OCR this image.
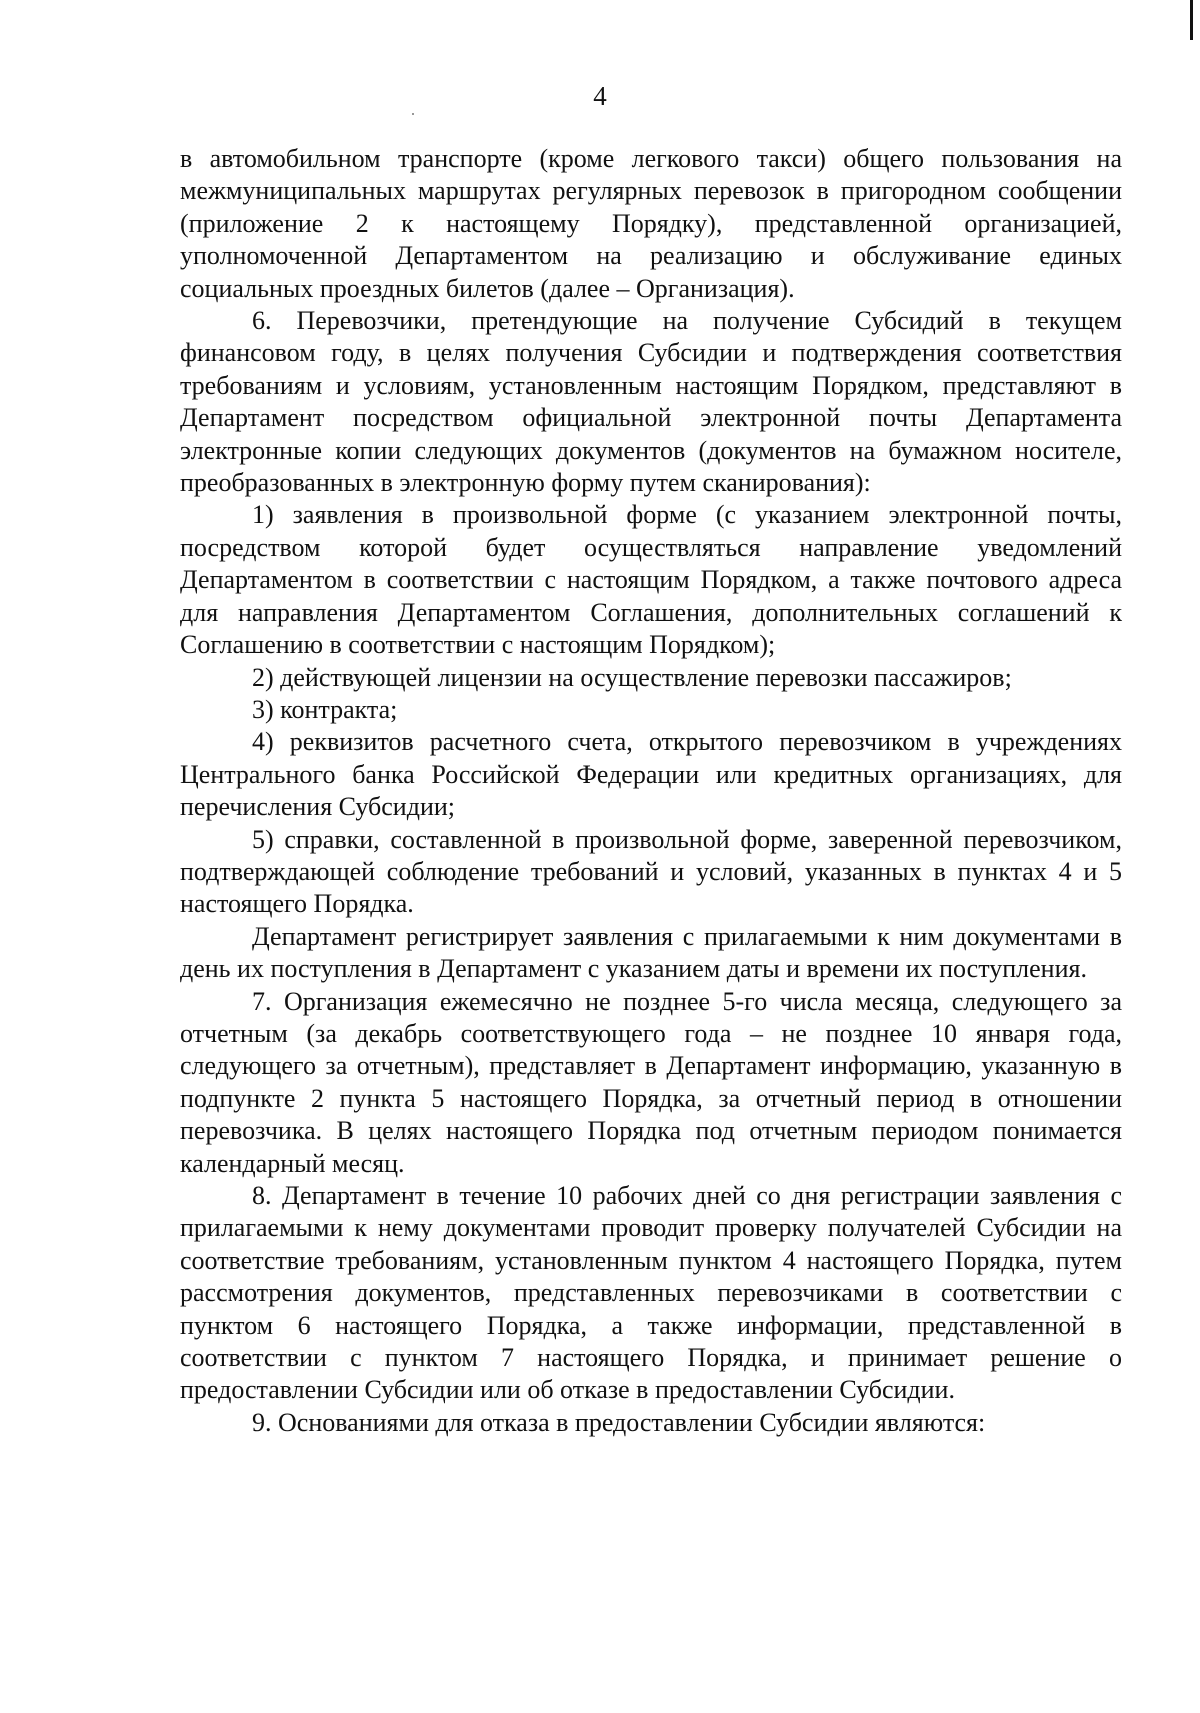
4

в автомобильном транспорте (кроме легкового такси) общего пользования на межмуниципальных маршрутах регулярных перевозок в пригородном сообщении (приложение 2 к настоящему Порядку), представленной организацией, уполномоченной Департаментом на реализацию и обслуживание единых социальных проездных билетов (далее – Организация).

6. Перевозчики, претендующие на получение Субсидий в текущем финансовом году, в целях получения Субсидии и подтверждения соответствия требованиям и условиям, установленным настоящим Порядком, представляют в Департамент посредством официальной электронной почты Департамента электронные копии следующих документов (документов на бумажном носителе, преобразованных в электронную форму путем сканирования):

1) заявления в произвольной форме (с указанием электронной почты, посредством которой будет осуществляться направление уведомлений Департаментом в соответствии с настоящим Порядком, а также почтового адреса для направления Департаментом Соглашения, дополнительных соглашений к Соглашению в соответствии с настоящим Порядком);

2) действующей лицензии на осуществление перевозки пассажиров;

3) контракта;

4) реквизитов расчетного счета, открытого перевозчиком в учреждениях Центрального банка Российской Федерации или кредитных организациях, для перечисления Субсидии;

5) справки, составленной в произвольной форме, заверенной перевозчиком, подтверждающей соблюдение требований и условий, указанных в пунктах 4 и 5 настоящего Порядка.

Департамент регистрирует заявления с прилагаемыми к ним документами в день их поступления в Департамент с указанием даты и времени их поступления.

7. Организация ежемесячно не позднее 5-го числа месяца, следующего за отчетным (за декабрь соответствующего года – не позднее 10 января года, следующего за отчетным), представляет в Департамент информацию, указанную в подпункте 2 пункта 5 настоящего Порядка, за отчетный период в отношении перевозчика. В целях настоящего Порядка под отчетным периодом понимается календарный месяц.

8. Департамент в течение 10 рабочих дней со дня регистрации заявления с прилагаемыми к нему документами проводит проверку получателей Субсидии на соответствие требованиям, установленным пунктом 4 настоящего Порядка, путем рассмотрения документов, представленных перевозчиками в соответствии с пунктом 6 настоящего Порядка, а также информации, представленной в соответствии с пунктом 7 настоящего Порядка, и принимает решение о предоставлении Субсидии или об отказе в предоставлении Субсидии.

9. Основаниями для отказа в предоставлении Субсидии являются:
